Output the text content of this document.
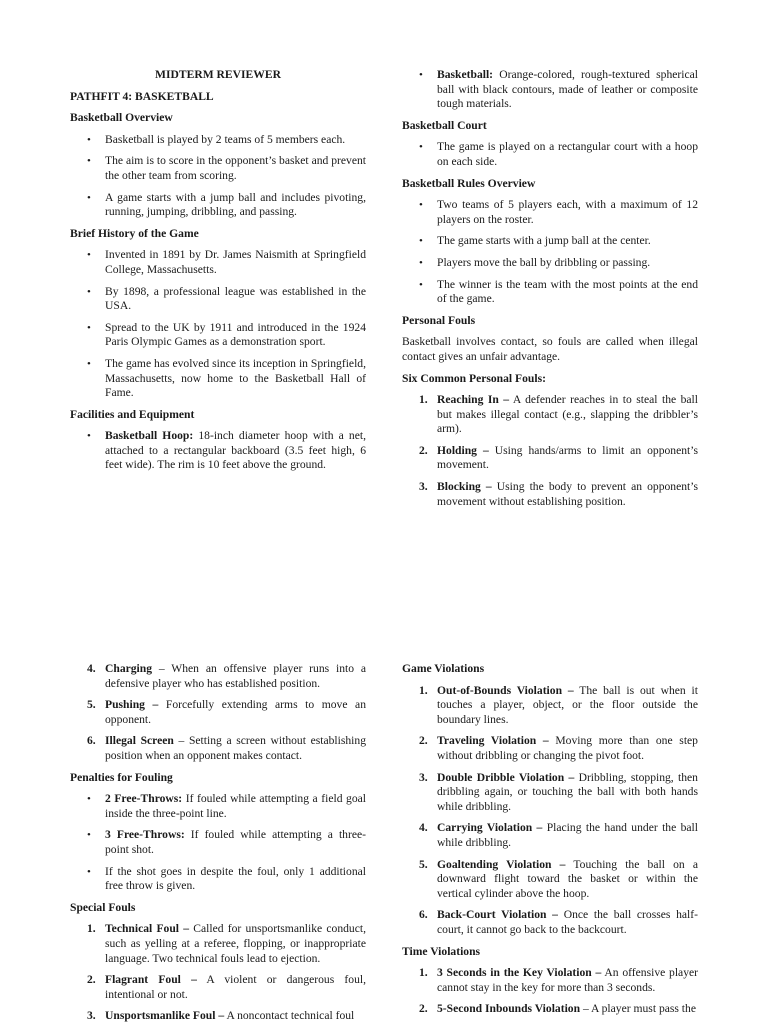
MIDTERM REVIEWER
PATHFIT 4: BASKETBALL
Basketball Overview
• Basketball is played by 2 teams of 5 members each.
• The aim is to score in the opponent’s basket and prevent the other team from scoring.
• A game starts with a jump ball and includes pivoting, running, jumping, dribbling, and passing.
Brief History of the Game
• Invented in 1891 by Dr. James Naismith at Springfield College, Massachusetts.
• By 1898, a professional league was established in the USA.
• Spread to the UK by 1911 and introduced in the 1924 Paris Olympic Games as a demonstration sport.
• The game has evolved since its inception in Springfield, Massachusetts, now home to the Basketball Hall of Fame.
Facilities and Equipment
• Basketball Hoop: 18-inch diameter hoop with a net, attached to a rectangular backboard (3.5 feet high, 6 feet wide). The rim is 10 feet above the ground.
• Basketball: Orange-colored, rough-textured spherical ball with black contours, made of leather or composite tough materials.
Basketball Court
• The game is played on a rectangular court with a hoop on each side.
Basketball Rules Overview
• Two teams of 5 players each, with a maximum of 12 players on the roster.
• The game starts with a jump ball at the center.
• Players move the ball by dribbling or passing.
• The winner is the team with the most points at the end of the game.
Personal Fouls
Basketball involves contact, so fouls are called when illegal contact gives an unfair advantage.
Six Common Personal Fouls:
1. Reaching In – A defender reaches in to steal the ball but makes illegal contact (e.g., slapping the dribbler’s arm).
2. Holding – Using hands/arms to limit an opponent’s movement.
3. Blocking – Using the body to prevent an opponent’s movement without establishing position.
4. Charging – When an offensive player runs into a defensive player who has established position.
5. Pushing – Forcefully extending arms to move an opponent.
6. Illegal Screen – Setting a screen without establishing position when an opponent makes contact.
Penalties for Fouling
• 2 Free-Throws: If fouled while attempting a field goal inside the three-point line.
• 3 Free-Throws: If fouled while attempting a three-point shot.
• If the shot goes in despite the foul, only 1 additional free throw is given.
Special Fouls
1. Technical Foul – Called for unsportsmanlike conduct, such as yelling at a referee, flopping, or inappropriate language. Two technical fouls lead to ejection.
2. Flagrant Foul – A violent or dangerous foul, intentional or not.
3. Unsportsmanlike Foul – A noncontact technical foul
Game Violations
1. Out-of-Bounds Violation – The ball is out when it touches a player, object, or the floor outside the boundary lines.
2. Traveling Violation – Moving more than one step without dribbling or changing the pivot foot.
3. Double Dribble Violation – Dribbling, stopping, then dribbling again, or touching the ball with both hands while dribbling.
4. Carrying Violation – Placing the hand under the ball while dribbling.
5. Goaltending Violation – Touching the ball on a downward flight toward the basket or within the vertical cylinder above the hoop.
6. Back-Court Violation – Once the ball crosses half-court, it cannot go back to the backcourt.
Time Violations
1. 3 Seconds in the Key Violation – An offensive player cannot stay in the key for more than 3 seconds.
2. 5-Second Inbounds Violation – A player must pass the
